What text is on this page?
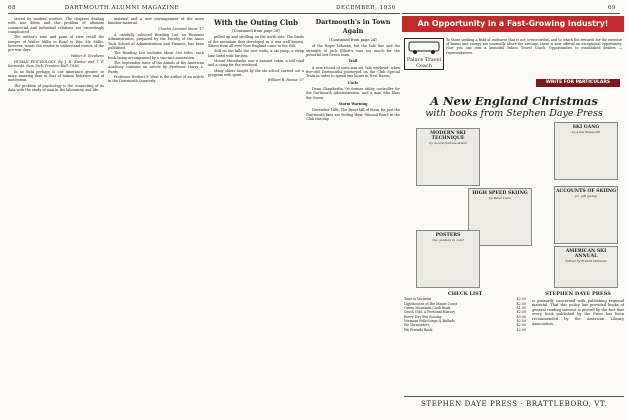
68	DARTMOUTH ALUMNI MAGAZINE	DECEMBER, 1936	69

stored by modern warfare. The chapters dealing with war debts and the problem of ultimate commercial and industrial relations are exceedingly complicated.

The author's tone and point of view recall the temper of Walter Millis in Road to War. Mr. Millis, however, wants the reader to understand events of the pre-war days.

Walter E. Stephens

HUMAN PSYCHOLOGY. By J. R. Kantor and T. F. Karwoski. New York: Prentice-Hall, 1936.

In no field perhaps is our ignorance greater or more amazing than in that of human behavior and of motivation.

The problem of psychology is the connecting of its data with the study of man in the laboratory and life.

material and a new envisagement of the more familiar material.

Charles Leonard Stone '17

A carefully selected Reading List on Business Administration, prepared by the Faculty of the Amos Tuck School of Administration and Finance, has been published.

The Reading List includes about 500 titles, each book being accompanied by a succinct annotation.

The September issue of the Annals of the American Academy contains an article by Professor Harry L. Purdy.

Professor Herbert F. West is the author of an article in the Dartmouth Quarterly.

With the Outing Club
[Continued from page 28]

pulled up and strolling on the north side. The limits of the mountain that developed in it was well known. Skiers from all over New England came to the Hill.

Still on the hills the new trails, a ski jump, a steep lane lined with birches.

Mount Moosilauke saw a summit cabin, a toll road and a camp for the weekend.

Many skiers taught by the ski school carried out a program with spirit.

William R. Rowse '37
Dartmouth's in Town Again
[Continued from page 24]

of the Roger Lehman, but the Yale line and the strength of Jack Elliott's was too much for the powerful but Green team.

Trail

A new record of sorts was set Yale weekend, when five-odd Dartmouths journeyed on the Club Special Train in order to spend two hours in New Haven.

Uncle

Dean Chamberlin '06 former utility controller for the Dartmouth Administration, and a man who likes the Green.

Storm Warning

December 14th. The Beast fall of them, for just the Dartmouth fans are feeling their 'Wassail Bowl' in the Club this day.

An Opportunity in a Fast-Growing Industry!
Palace Travel Coach
To those seeking a field of endeavor that is not overcrowded, and to which the rewards for the exercise of brains and energy are unusually above the average, there is now offered an exceptional opportunity. Now you can own a beautiful Palace Travel Coach. Opportunities to established dealers — representatives.
WRITE FOR PARTICULARS
A New England Christmas
with books from Stephen Daye Press
MODERN SKI TECHNIQUE
by recent famous skiers
SKI GANG
by Anne Bosworth
HIGH SPEED SKIING
by Peter Lunn
ACCOUNTS OF SKIING
for gift giving
POSTERS
Two posters in color
AMERICAN SKI ANNUAL
Edited by Roland Palmedo
CHECK LIST
Time is Vermont	$2.50
Lighthouses of the Maine Coast	$2.50
Green Mountain Cook Book	$1.00
South Odd, A Personal History	$2.50
Every Day But Sunday	$3.00
Vermont Folk-Songs & Ballads	$2.50
We Vermonters	$2.50
We Friends Book	$2.00
STEPHEN DAYE PRESS
is primarily concerned with publishing regional material. That this policy has provided books of general reading interest is proved by the fact that every book published by the Press has been recommended by the American Library Association.
STEPHEN DAYE PRESS · BRATTLEBORO, VT.
